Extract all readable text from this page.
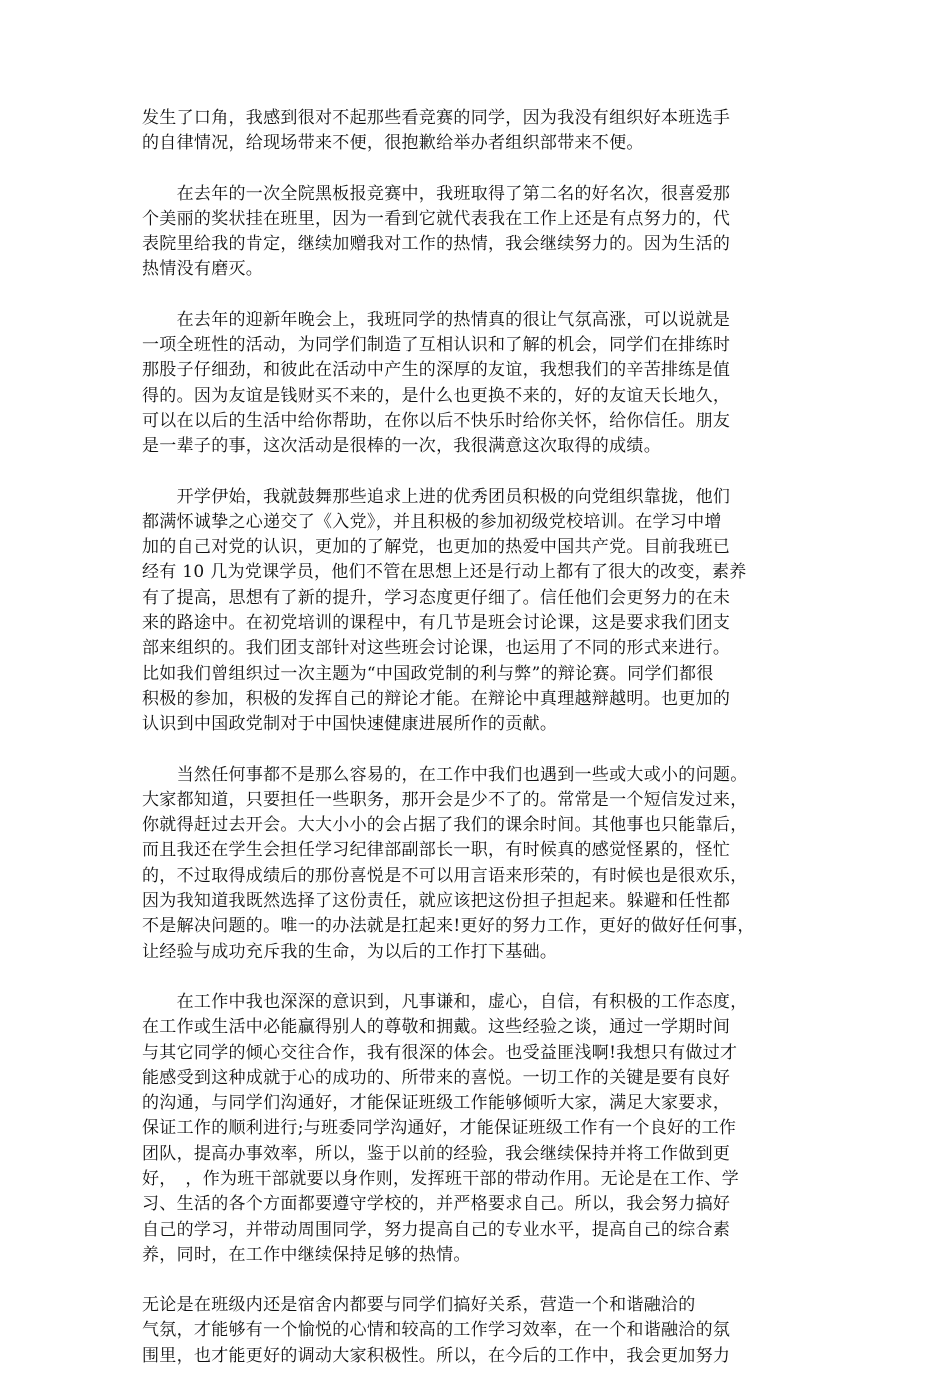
发生了口角，我感到很对不起那些看竞赛的同学，因为我没有组织好本班选手
的自律情况，给现场带来不便，很抱歉给举办者组织部带来不便。

　　在去年的一次全院黑板报竞赛中，我班取得了第二名的好名次，很喜爱那
个美丽的奖状挂在班里，因为一看到它就代表我在工作上还是有点努力的，代
表院里给我的肯定，继续加赠我对工作的热情，我会继续努力的。因为生活的
热情没有磨灭。

　　在去年的迎新年晚会上，我班同学的热情真的很让气氛高涨，可以说就是
一项全班性的活动，为同学们制造了互相认识和了解的机会，同学们在排练时
那股子仔细劲，和彼此在活动中产生的深厚的友谊，我想我们的辛苦排练是值
得的。因为友谊是钱财买不来的，是什么也更换不来的，好的友谊天长地久，
可以在以后的生活中给你帮助，在你以后不快乐时给你关怀，给你信任。朋友
是一辈子的事，这次活动是很棒的一次，我很满意这次取得的成绩。

　　开学伊始，我就鼓舞那些追求上进的优秀团员积极的向党组织靠拢，他们
都满怀诚挚之心递交了《入党》，并且积极的参加初级党校培训。在学习中增
加的自己对党的认识，更加的了解党，也更加的热爱中国共产党。目前我班已
经有 10 几为党课学员，他们不管在思想上还是行动上都有了很大的改变，素养
有了提高，思想有了新的提升，学习态度更仔细了。信任他们会更努力的在未
来的路途中。在初党培训的课程中，有几节是班会讨论课，这是要求我们团支
部来组织的。我们团支部针对这些班会讨论课，也运用了不同的形式来进行。
比如我们曾组织过一次主题为“中国政党制的利与弊”的辩论赛。同学们都很
积极的参加，积极的发挥自己的辩论才能。在辩论中真理越辩越明。也更加的
认识到中国政党制对于中国快速健康进展所作的贡献。

　　当然任何事都不是那么容易的，在工作中我们也遇到一些或大或小的问题。
大家都知道，只要担任一些职务，那开会是少不了的。常常是一个短信发过来，
你就得赶过去开会。大大小小的会占据了我们的课余时间。其他事也只能靠后，
而且我还在学生会担任学习纪律部副部长一职，有时候真的感觉怪累的，怪忙
的，不过取得成绩后的那份喜悦是不可以用言语来形荣的，有时候也是很欢乐，
因为我知道我既然选择了这份责任，就应该把这份担子担起来。躲避和任性都
不是解决问题的。唯一的办法就是扛起来!更好的努力工作，更好的做好任何事，
让经验与成功充斥我的生命，为以后的工作打下基础。

　　在工作中我也深深的意识到，凡事谦和，虚心，自信，有积极的工作态度，
在工作或生活中必能赢得别人的尊敬和拥戴。这些经验之谈，通过一学期时间
与其它同学的倾心交往合作，我有很深的体会。也受益匪浅啊!我想只有做过才
能感受到这种成就于心的成功的、所带来的喜悦。一切工作的关键是要有良好
的沟通，与同学们沟通好，才能保证班级工作能够倾听大家，满足大家要求，
保证工作的顺利进行;与班委同学沟通好，才能保证班级工作有一个良好的工作
团队，提高办事效率，所以，鉴于以前的经验，我会继续保持并将工作做到更
好，　，作为班干部就要以身作则，发挥班干部的带动作用。无论是在工作、学
习、生活的各个方面都要遵守学校的，并严格要求自己。所以，我会努力搞好
自己的学习，并带动周围同学，努力提高自己的专业水平，提高自己的综合素
养，同时，在工作中继续保持足够的热情。

无论是在班级内还是宿舍内都要与同学们搞好关系，营造一个和谐融洽的
气氛，才能够有一个愉悦的心情和较高的工作学习效率，在一个和谐融洽的氛
围里，也才能更好的调动大家积极性。所以，在今后的工作中，我会更加努力
